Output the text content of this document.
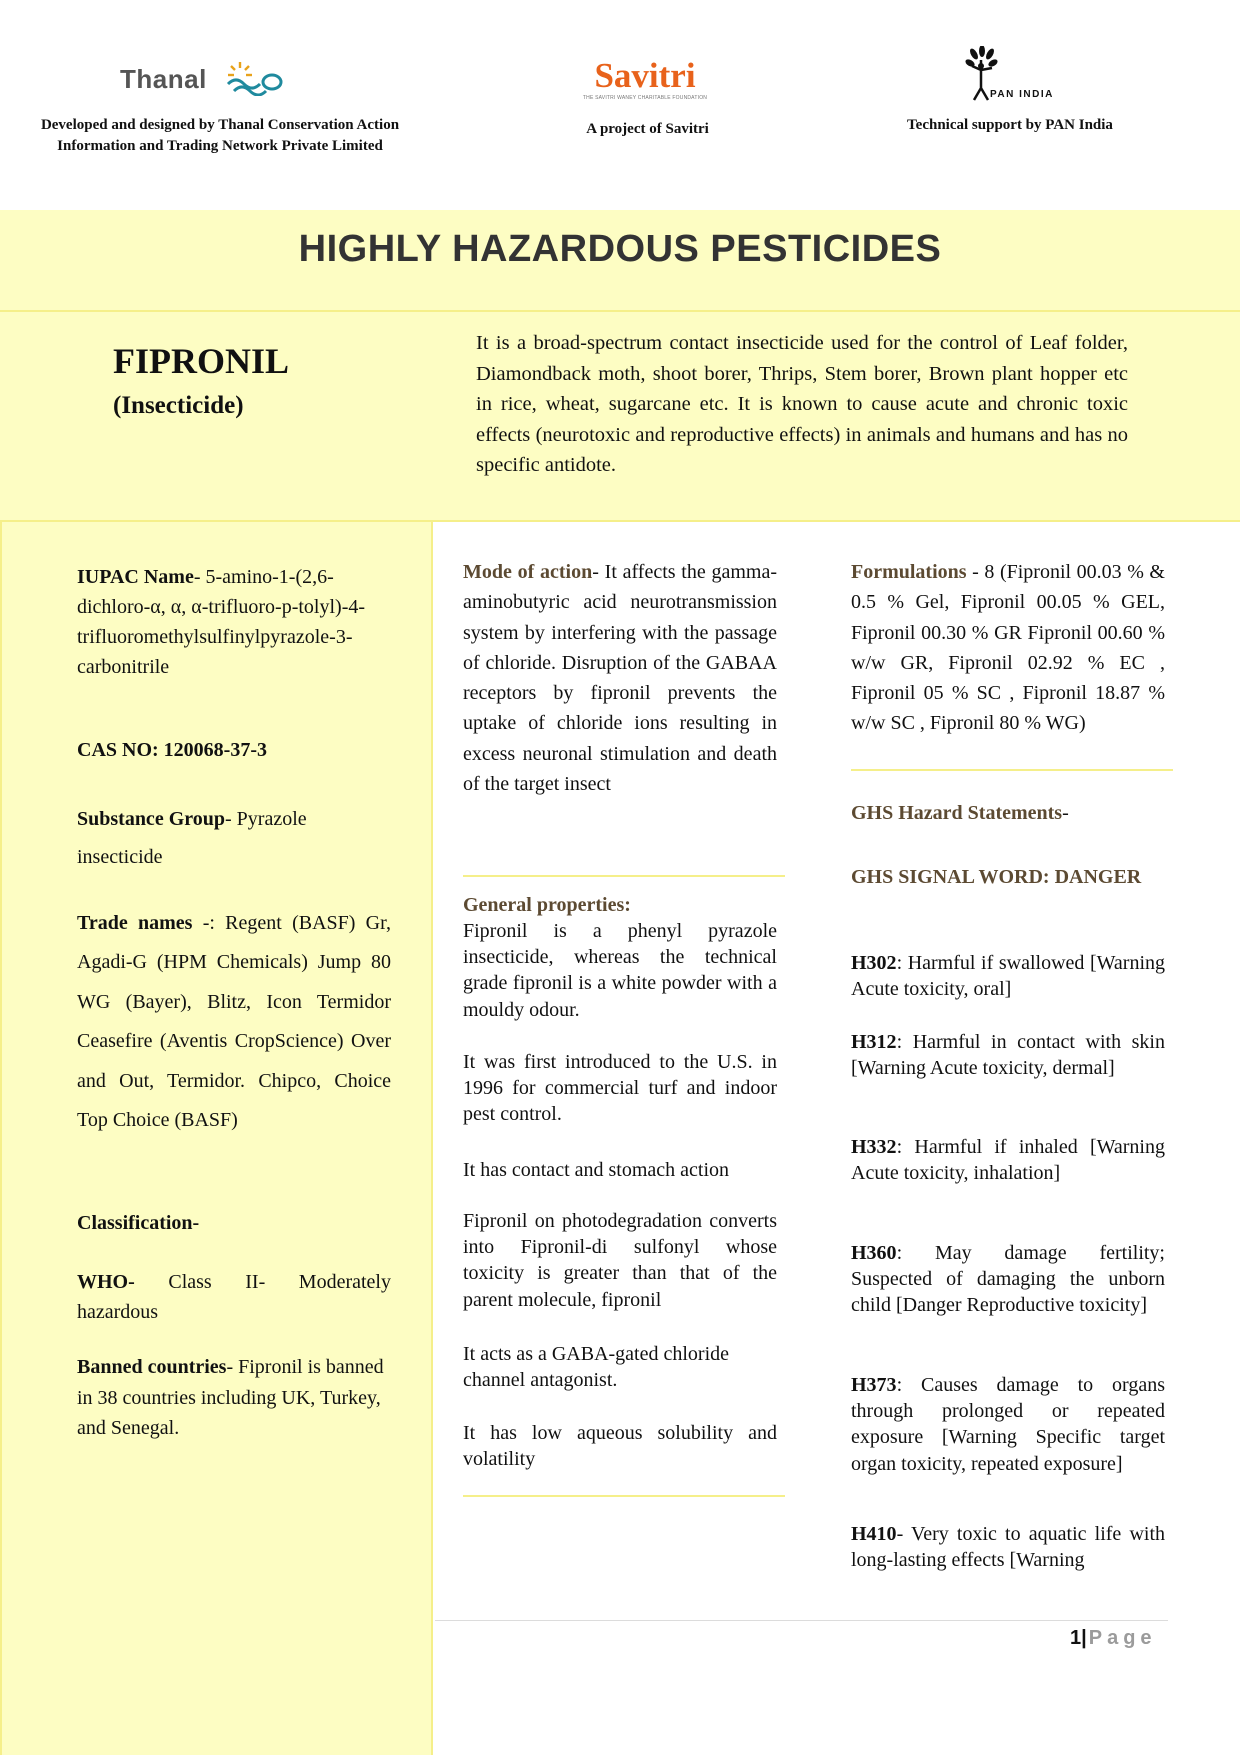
Thanal
Developed and designed by Thanal Conservation Action Information and Trading Network Private Limited
Savitri
THE SAVITRI WANEY CHARITABLE FOUNDATION
A project of Savitri
PAN INDIA
Technical support by PAN India
HIGHLY HAZARDOUS PESTICIDES
FIPRONIL
(Insecticide)
It is a broad-spectrum contact insecticide used for the control of Leaf folder, Diamondback moth, shoot borer, Thrips, Stem borer, Brown plant hopper etc in rice, wheat, sugarcane etc. It is known to cause acute and chronic toxic effects (neurotoxic and reproductive effects) in animals and humans and has no specific antidote.
IUPAC Name- 5-amino-1-(2,6-dichloro-α, α, α-trifluoro-p-tolyl)-4-trifluoromethylsulfinylpyrazole-3-carbonitrile
CAS NO: 120068-37-3
Substance Group- Pyrazole insecticide
Trade names -: Regent (BASF) Gr, Agadi-G (HPM Chemicals) Jump 80 WG (Bayer), Blitz, Icon Termidor Ceasefire (Aventis CropScience) Over and Out, Termidor. Chipco, Choice Top Choice (BASF)
Classification-
WHO- Class II- Moderately hazardous
Banned countries- Fipronil is banned in 38 countries including UK, Turkey, and Senegal.
Mode of action- It affects the gamma-aminobutyric acid neurotransmission system by interfering with the passage of chloride. Disruption of the GABAA receptors by fipronil prevents the uptake of chloride ions resulting in excess neuronal stimulation and death of the target insect
General properties:
Fipronil is a phenyl pyrazole insecticide, whereas the technical grade fipronil is a white powder with a mouldy odour.
It was first introduced to the U.S. in 1996 for commercial turf and indoor pest control.
It has contact and stomach action
Fipronil on photodegradation converts into Fipronil-di sulfonyl whose toxicity is greater than that of the parent molecule, fipronil
It acts as a GABA-gated chloride channel antagonist.
It has low aqueous solubility and volatility
Formulations - 8 (Fipronil 00.03 % & 0.5 % Gel, Fipronil 00.05 % GEL, Fipronil 00.30 % GR Fipronil 00.60 % w/w GR, Fipronil 02.92 % EC , Fipronil 05 % SC , Fipronil 18.87 % w/w SC , Fipronil 80 % WG)
GHS Hazard Statements-
GHS SIGNAL WORD: DANGER
H302: Harmful if swallowed [Warning Acute toxicity, oral]
H312: Harmful in contact with skin [Warning Acute toxicity, dermal]
H332: Harmful if inhaled [Warning Acute toxicity, inhalation]
H360: May damage fertility; Suspected of damaging the unborn child [Danger Reproductive toxicity]
H373: Causes damage to organs through prolonged or repeated exposure [Warning Specific target organ toxicity, repeated exposure]
H410- Very toxic to aquatic life with long-lasting effects [Warning
1| Page
